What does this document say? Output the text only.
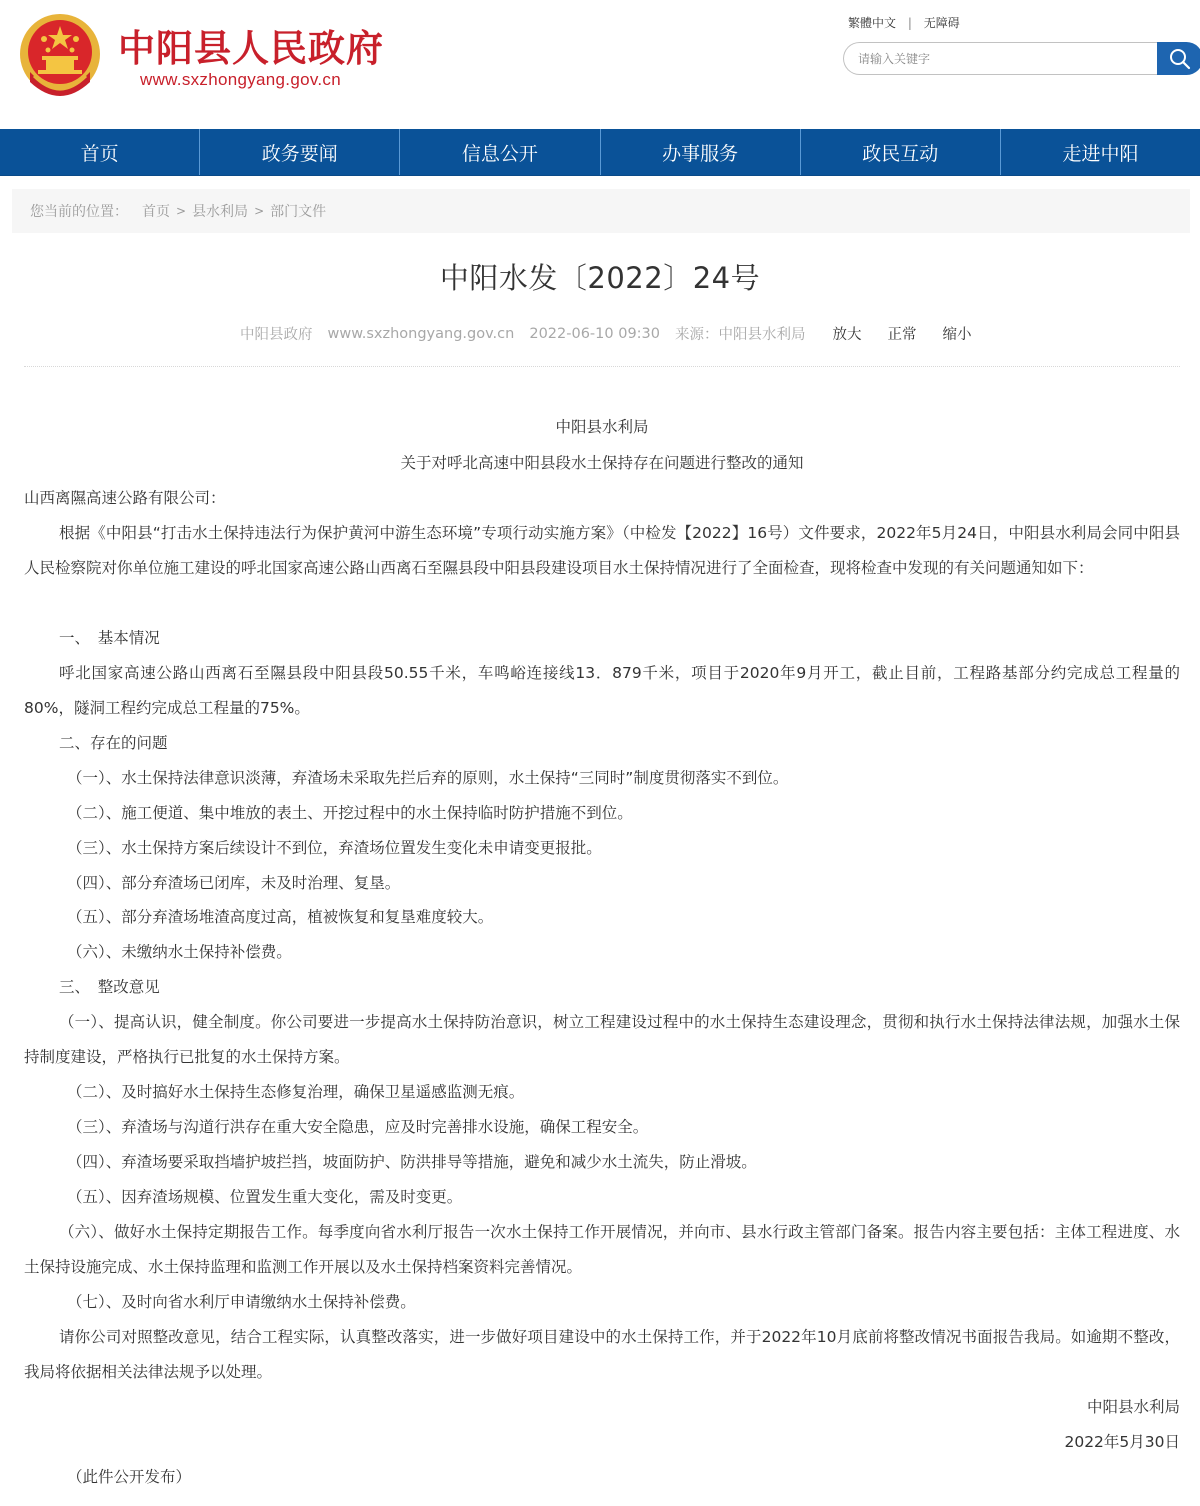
中阳县人民政府
www.sxzhongyang.gov.cn
繁體中文 | 无障碍
请输入关键字
首页	政务要闻	信息公开	办事服务	政民互动	走进中阳
您当前的位置： 首页 > 县水利局 > 部门文件
中阳水发〔2022〕24号
中阳县政府 www.sxzhongyang.gov.cn 2022-06-10 09:30 来源：中阳县水利局 放大 正常 缩小
中阳县水利局
关于对呼北高速中阳县段水土保持存在问题进行整改的通知
山西离隰高速公路有限公司：
根据《中阳县“打击水土保持违法行为保护黄河中游生态环境”专项行动实施方案》（中检发【2022】16号）文件要求，2022年5月24日，中阳县水利局会同中阳县人民检察院对你单位施工建设的呼北国家高速公路山西离石至隰县段中阳县段建设项目水土保持情况进行了全面检查，现将检查中发现的有关问题通知如下：
一、　基本情况
呼北国家高速公路山西离石至隰县段中阳县段50.55千米，车鸣峪连接线13．879千米，项目于2020年9月开工，截止目前，工程路基部分约完成总工程量的80%，隧洞工程约完成总工程量的75%。
二、存在的问题
（一）、水土保持法律意识淡薄，弃渣场未采取先拦后弃的原则，水土保持“三同时”制度贯彻落实不到位。
（二）、施工便道、集中堆放的表土、开挖过程中的水土保持临时防护措施不到位。
（三）、水土保持方案后续设计不到位，弃渣场位置发生变化未申请变更报批。
（四）、部分弃渣场已闭库，未及时治理、复垦。
（五）、部分弃渣场堆渣高度过高，植被恢复和复垦难度较大。
（六）、未缴纳水土保持补偿费。
三、　整改意见
（一）、提高认识，健全制度。你公司要进一步提高水土保持防治意识，树立工程建设过程中的水土保持生态建设理念，贯彻和执行水土保持法律法规，加强水土保持制度建设，严格执行已批复的水土保持方案。
（二）、及时搞好水土保持生态修复治理，确保卫星遥感监测无痕。
（三）、弃渣场与沟道行洪存在重大安全隐患，应及时完善排水设施，确保工程安全。
（四）、弃渣场要采取挡墙护坡拦挡，坡面防护、防洪排导等措施，避免和减少水土流失，防止滑坡。
（五）、因弃渣场规模、位置发生重大变化，需及时变更。
（六）、做好水土保持定期报告工作。每季度向省水利厅报告一次水土保持工作开展情况，并向市、县水行政主管部门备案。报告内容主要包括：主体工程进度、水土保持设施完成、水土保持监理和监测工作开展以及水土保持档案资料完善情况。
（七）、及时向省水利厅申请缴纳水土保持补偿费。
请你公司对照整改意见，结合工程实际，认真整改落实，进一步做好项目建设中的水土保持工作，并于2022年10月底前将整改情况书面报告我局。如逾期不整改，我局将依据相关法律法规予以处理。
中阳县水利局
2022年5月30日
（此件公开发布）
